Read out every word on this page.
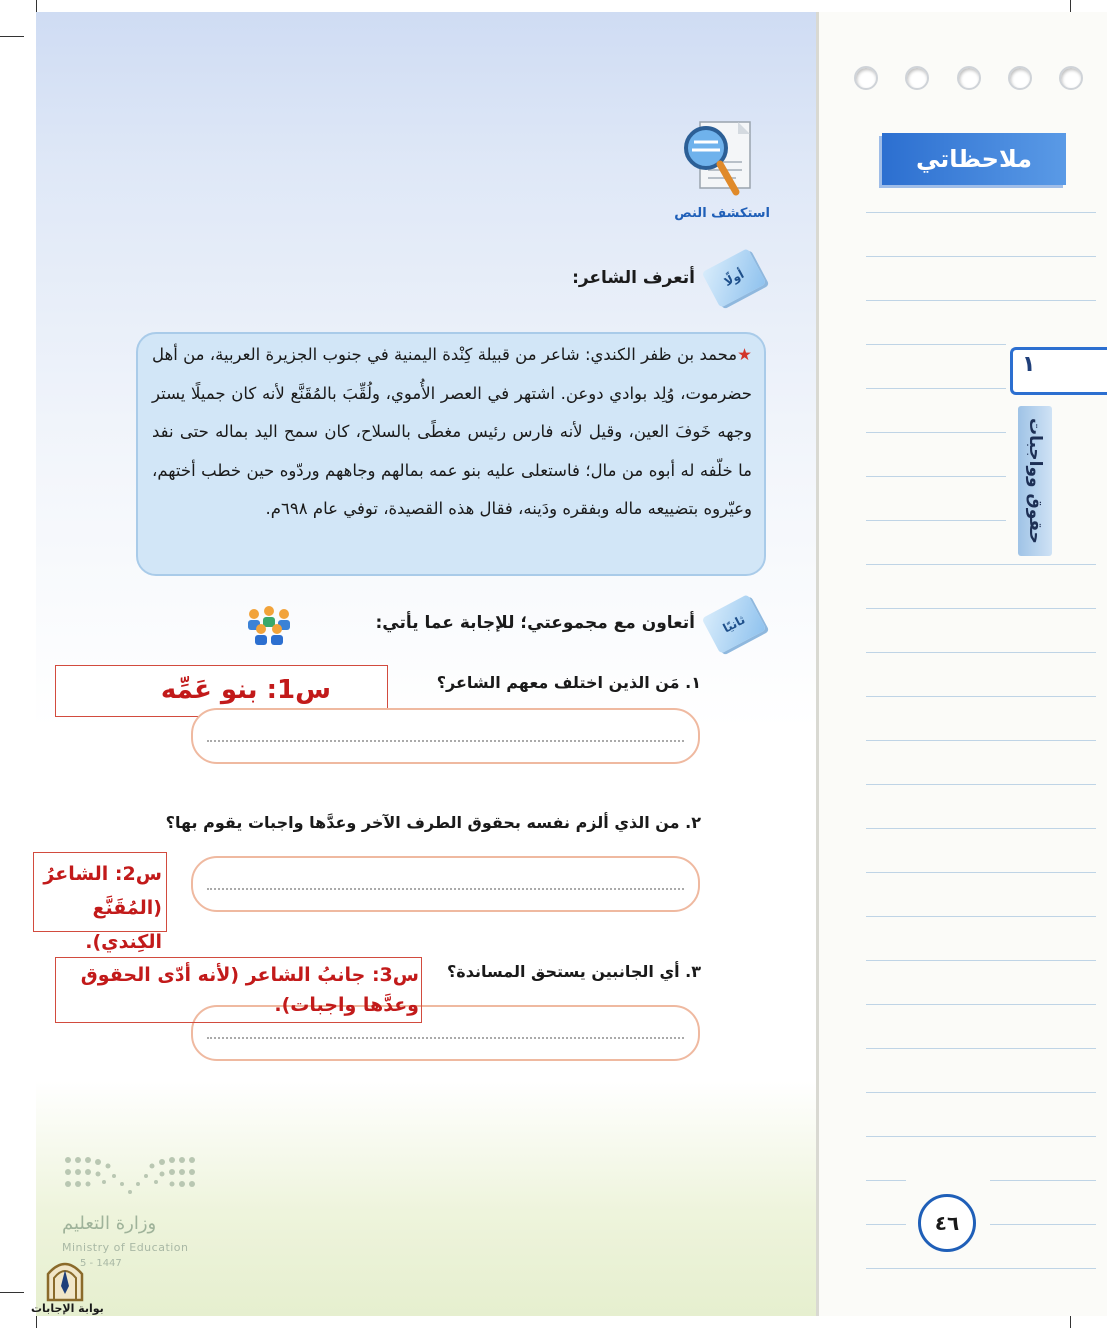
ملاحظاتي
١
حقوق وواجبات
استكشف النص
أولًا
أتعرف الشاعر:
★محمد بن ظفر الكندي: شاعر من قبيلة كِنْدة اليمنية في جنوب الجزيرة العربية، من أهل حضرموت، وُلِد بوادي دوعن. اشتهر في العصر الأُموي، ولُقِّبَ بالمُقَنَّع لأنه كان جميلًا يستر وجهه خَوفَ العين، وقيل لأنه فارس رئيس مغطًى بالسلاح، كان سمح اليد بماله حتى نفد ما خلّفه له أبوه من مال؛ فاستعلى عليه بنو عمه بمالهم وجاههم وردّوه حين خطب أختهم، وعيّروه بتضييعه ماله وبفقره ودَينه، فقال هذه القصيدة، توفي عام ٦٩٨م.
ثانيًا
أتعاون مع مجموعتي؛ للإجابة عما يأتي:
١. مَن الذين اختلف معهم الشاعر؟
س1: بنو عَمِّه
٢. من الذي ألزم نفسه بحقوق الطرف الآخر وعدَّها واجبات يقوم بها؟
س2: الشاعرُ (المُقَنَّع الكِندي).
٣. أي الجانبين يستحق المساندة؟
س3: جانبُ الشاعر (لأنه أدّى الحقوق وعدَّها واجبات).
٤٦
وزارة التعليم
Ministry of Education
5 - 1447
بوابة الإجابات
